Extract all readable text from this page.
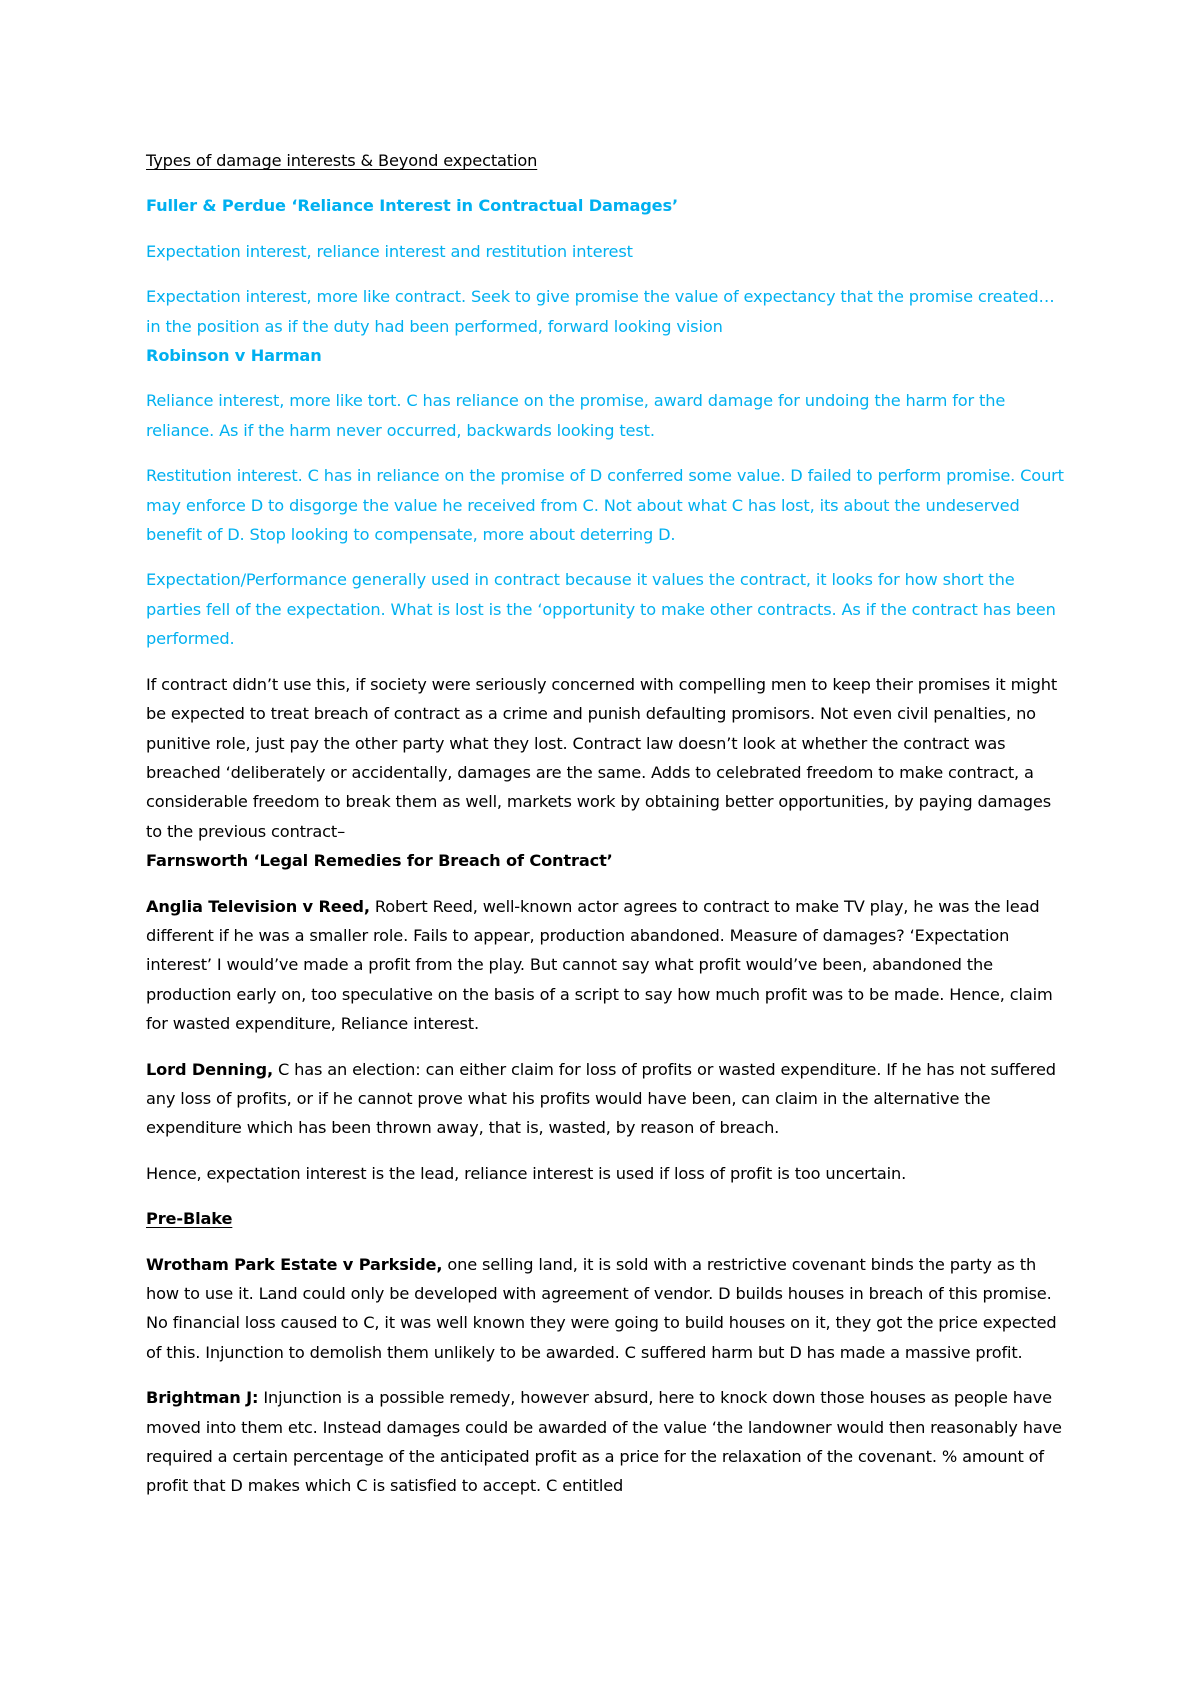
Types of damage interests & Beyond expectation

Fuller & Perdue ‘Reliance Interest in Contractual Damages’

Expectation interest, reliance interest and restitution interest

Expectation interest, more like contract. Seek to give promise the value of expectancy that the promise created… in the position as if the duty had been performed, forward looking vision
Robinson v Harman

Reliance interest, more like tort. C has reliance on the promise, award damage for undoing the harm for the reliance. As if the harm never occurred, backwards looking test.

Restitution interest. C has in reliance on the promise of D conferred some value. D failed to perform promise. Court may enforce D to disgorge the value he received from C. Not about what C has lost, its about the undeserved benefit of D. Stop looking to compensate, more about deterring D.

Expectation/Performance generally used in contract because it values the contract, it looks for how short the parties fell of the expectation. What is lost is the ‘opportunity to make other contracts. As if the contract has been performed.

If contract didn’t use this, if society were seriously concerned with compelling men to keep their promises it might be expected to treat breach of contract as a crime and punish defaulting promisors. Not even civil penalties, no punitive role, just pay the other party what they lost. Contract law doesn’t look at whether the contract was breached ‘deliberately or accidentally, damages are the same. Adds to celebrated freedom to make contract, a considerable freedom to break them as well, markets work by obtaining better opportunities, by paying damages to the previous contract–
Farnsworth ‘Legal Remedies for Breach of Contract’

Anglia Television v Reed, Robert Reed, well-known actor agrees to contract to make TV play, he was the lead different if he was a smaller role. Fails to appear, production abandoned. Measure of damages? ‘Expectation interest’ I would’ve made a profit from the play. But cannot say what profit would’ve been, abandoned the production early on, too speculative on the basis of a script to say how much profit was to be made. Hence, claim for wasted expenditure, Reliance interest.

Lord Denning, C has an election: can either claim for loss of profits or wasted expenditure. If he has not suffered any loss of profits, or if he cannot prove what his profits would have been, can claim in the alternative the expenditure which has been thrown away, that is, wasted, by reason of breach.

Hence, expectation interest is the lead, reliance interest is used if loss of profit is too uncertain.

Pre-Blake

Wrotham Park Estate v Parkside, one selling land, it is sold with a restrictive covenant binds the party as th how to use it. Land could only be developed with agreement of vendor. D builds houses in breach of this promise. No financial loss caused to C, it was well known they were going to build houses on it, they got the price expected of this. Injunction to demolish them unlikely to be awarded. C suffered harm but D has made a massive profit.

Brightman J: Injunction is a possible remedy, however absurd, here to knock down those houses as people have moved into them etc. Instead damages could be awarded of the value ‘the landowner would then reasonably have required a certain percentage of the anticipated profit as a price for the relaxation of the covenant. % amount of profit that D makes which C is satisfied to accept. C entitled
